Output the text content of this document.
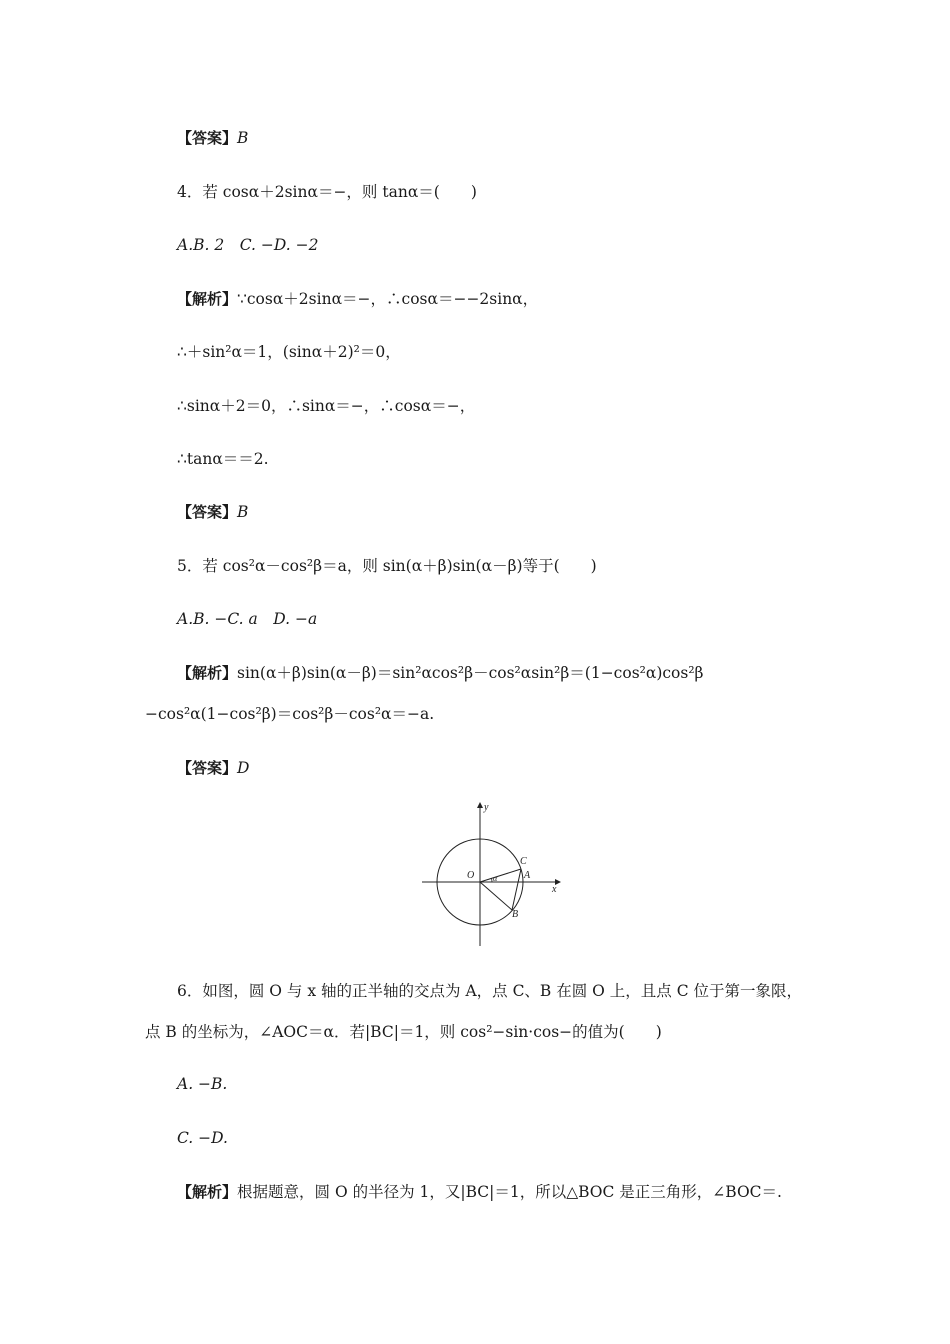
【答案】B
4．若 cosα＋2sinα＝−，则 tanα＝(　　)
A.B. 2　C. −D. −2
【解析】∵cosα＋2sinα＝−，∴cosα＝−−2sinα，
∴＋sin²α＝1，(sinα＋2)²＝0，
∴sinα＋2＝0，∴sinα＝−，∴cosα＝−，
∴tanα＝＝2.
【答案】B
5．若 cos²α－cos²β＝a，则 sin(α＋β)sin(α－β)等于(　　)
A.B. −C. a　D. −a
【解析】sin(α＋β)sin(α－β)＝sin²αcos²β－cos²αsin²β＝(1−cos²α)cos²β
−cos²α(1−cos²β)＝cos²β－cos²α＝−a.
【答案】D
y
x
O	A
B
C
α
6．如图，圆 O 与 x 轴的正半轴的交点为 A，点 C、B 在圆 O 上，且点 C 位于第一象限，
点 B 的坐标为，∠AOC＝α．若|BC|＝1，则 cos²−sin·cos−的值为(　　)
A. −B.
C. −D.
【解析】根据题意，圆 O 的半径为 1，又|BC|＝1，所以△BOC 是正三角形，∠BOC＝.
